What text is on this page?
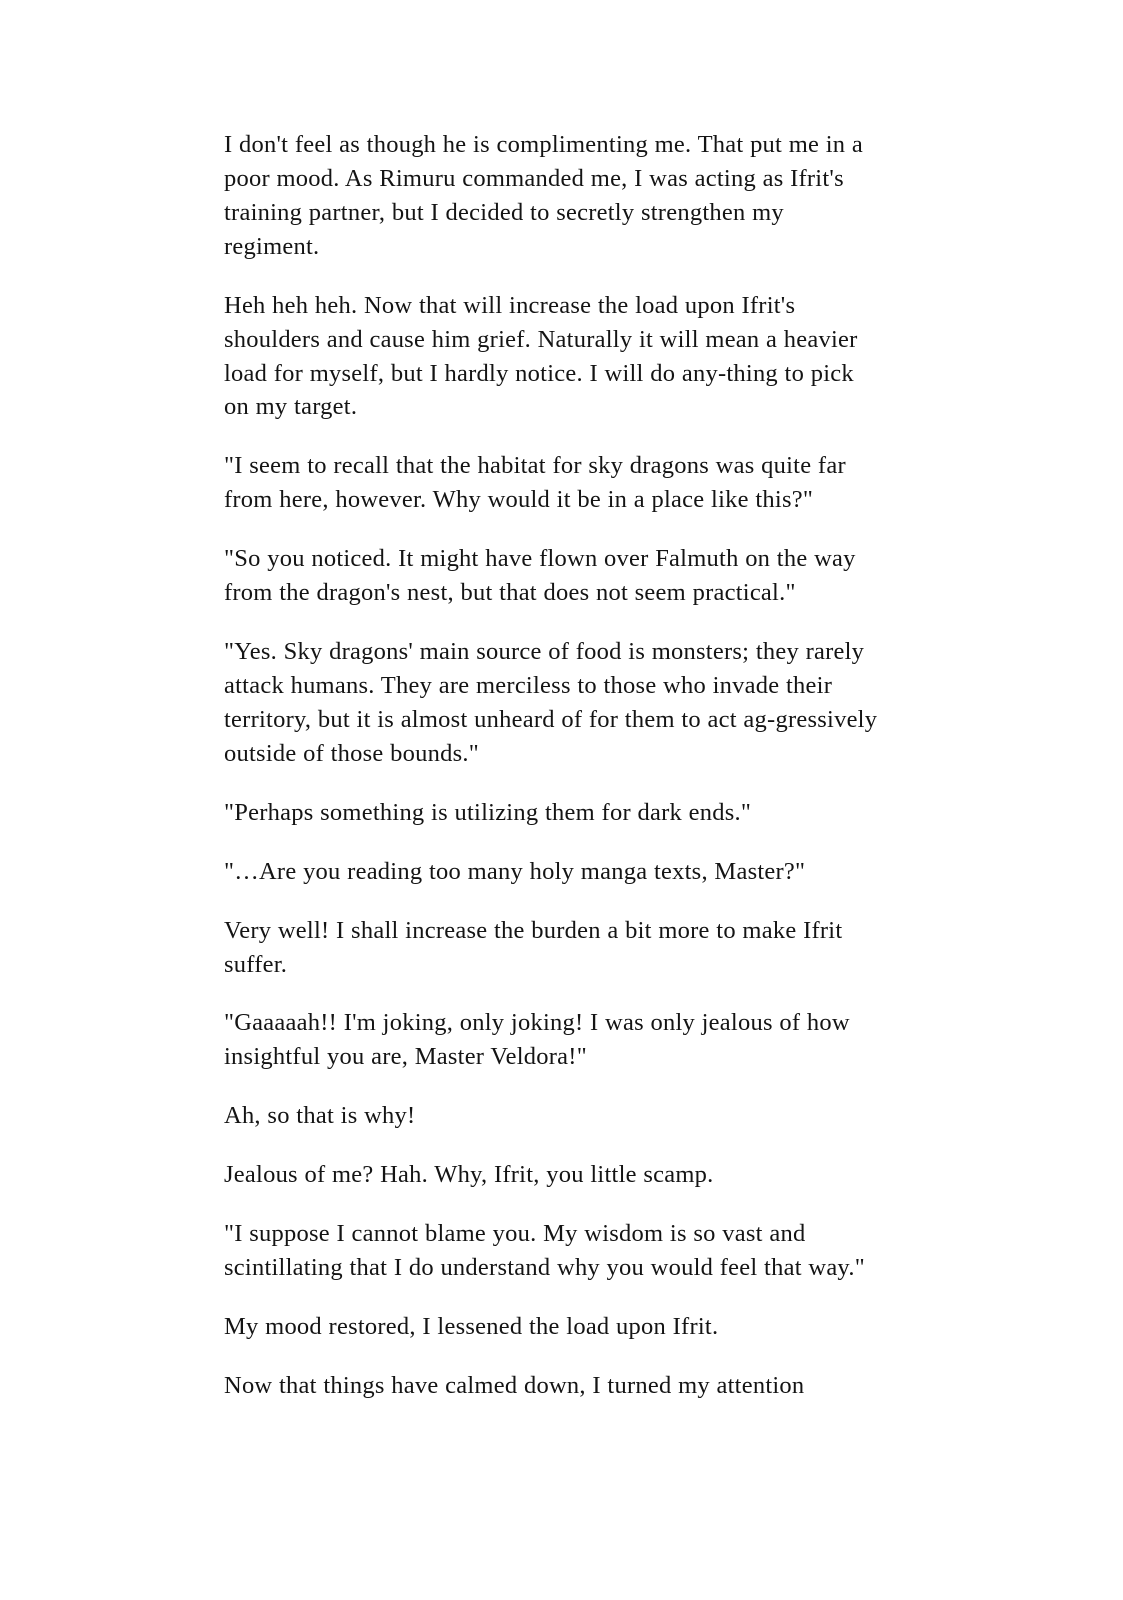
I don't feel as though he is complimenting me. That put me in a poor mood. As Rimuru commanded me, I was acting as Ifrit's training partner, but I decided to secretly strengthen my regiment.

Heh heh heh. Now that will increase the load upon Ifrit's shoulders and cause him grief. Naturally it will mean a heavier load for myself, but I hardly notice. I will do any-thing to pick on my target.

"I seem to recall that the habitat for sky dragons was quite far from here, however. Why would it be in a place like this?"

"So you noticed. It might have flown over Falmuth on the way from the dragon's nest, but that does not seem practical."

"Yes. Sky dragons' main source of food is monsters; they rarely attack humans. They are merciless to those who invade their territory, but it is almost unheard of for them to act ag-gressively outside of those bounds."

"Perhaps something is utilizing them for dark ends."

"…Are you reading too many holy manga texts, Master?"

Very well! I shall increase the burden a bit more to make Ifrit suffer.

"Gaaaaah!! I'm joking, only joking! I was only jealous of how insightful you are, Master Veldora!"

Ah, so that is why!

Jealous of me? Hah. Why, Ifrit, you little scamp.

"I suppose I cannot blame you. My wisdom is so vast and scintillating that I do understand why you would feel that way."

My mood restored, I lessened the load upon Ifrit.

Now that things have calmed down, I turned my attention
